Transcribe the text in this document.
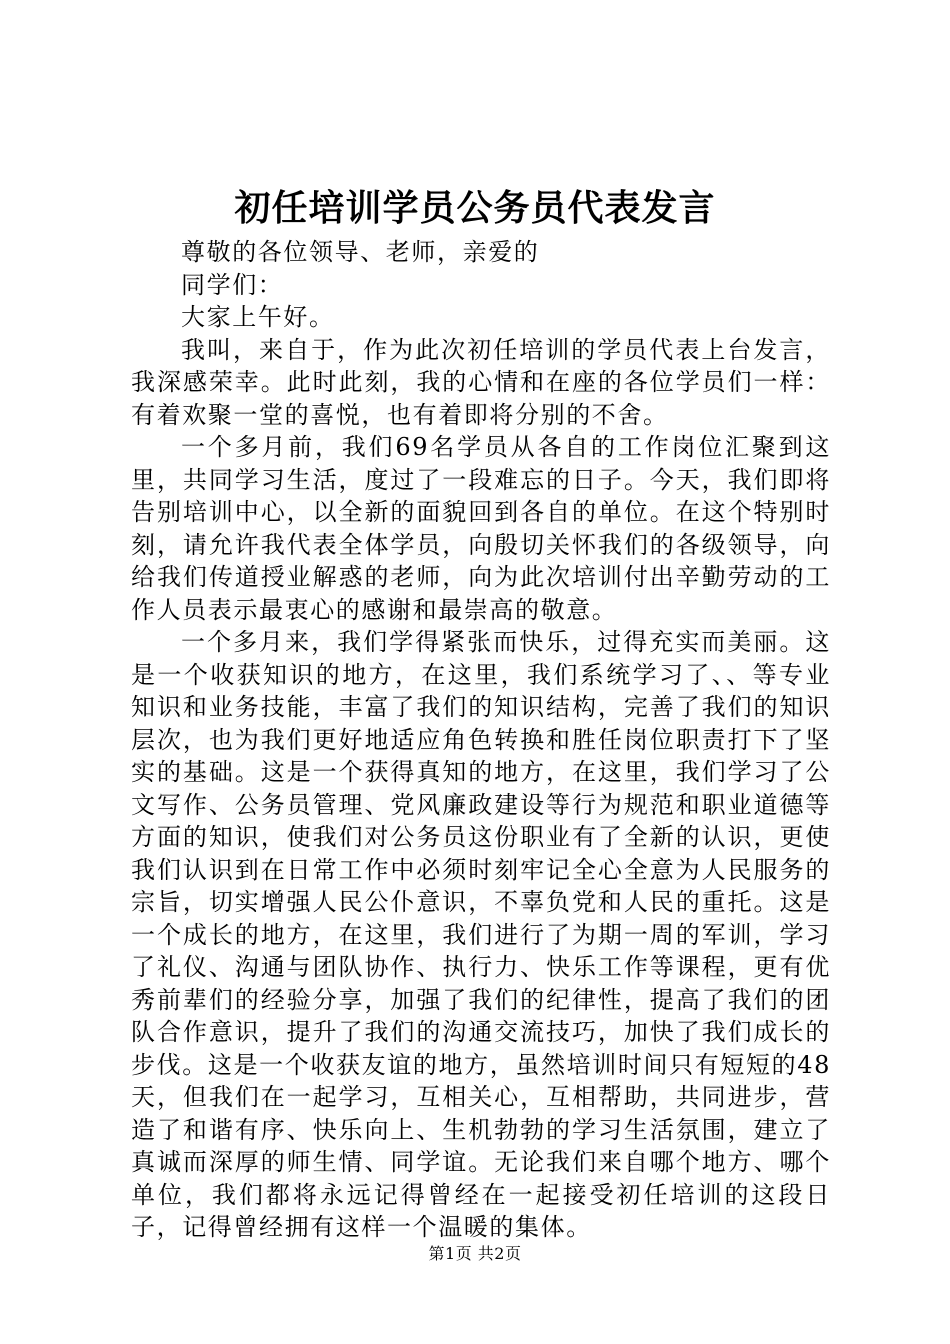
初任培训学员公务员代表发言

尊敬的各位领导、老师，亲爱的

同学们：

大家上午好。

我叫，来自于，作为此次初任培训的学员代表上台发言，我深感荣幸。此时此刻，我的心情和在座的各位学员们一样：有着欢聚一堂的喜悦，也有着即将分别的不舍。

一个多月前，我们69名学员从各自的工作岗位汇聚到这里，共同学习生活，度过了一段难忘的日子。今天，我们即将告别培训中心，以全新的面貌回到各自的单位。在这个特别时刻，请允许我代表全体学员，向殷切关怀我们的各级领导，向给我们传道授业解惑的老师，向为此次培训付出辛勤劳动的工作人员表示最衷心的感谢和最崇高的敬意。

一个多月来，我们学得紧张而快乐，过得充实而美丽。这是一个收获知识的地方，在这里，我们系统学习了、、等专业知识和业务技能，丰富了我们的知识结构，完善了我们的知识层次，也为我们更好地适应角色转换和胜任岗位职责打下了坚实的基础。这是一个获得真知的地方，在这里，我们学习了公文写作、公务员管理、党风廉政建设等行为规范和职业道德等方面的知识，使我们对公务员这份职业有了全新的认识，更使我们认识到在日常工作中必须时刻牢记全心全意为人民服务的宗旨，切实增强人民公仆意识，不辜负党和人民的重托。这是一个成长的地方，在这里，我们进行了为期一周的军训，学习了礼仪、沟通与团队协作、执行力、快乐工作等课程，更有优秀前辈们的经验分享，加强了我们的纪律性，提高了我们的团队合作意识，提升了我们的沟通交流技巧，加快了我们成长的步伐。这是一个收获友谊的地方，虽然培训时间只有短短的48天，但我们在一起学习，互相关心，互相帮助，共同进步，营造了和谐有序、快乐向上、生机勃勃的学习生活氛围，建立了真诚而深厚的师生情、同学谊。无论我们来自哪个地方、哪个单位，我们都将永远记得曾经在一起接受初任培训的这段日子，记得曾经拥有这样一个温暖的集体。

第1页 共2页
